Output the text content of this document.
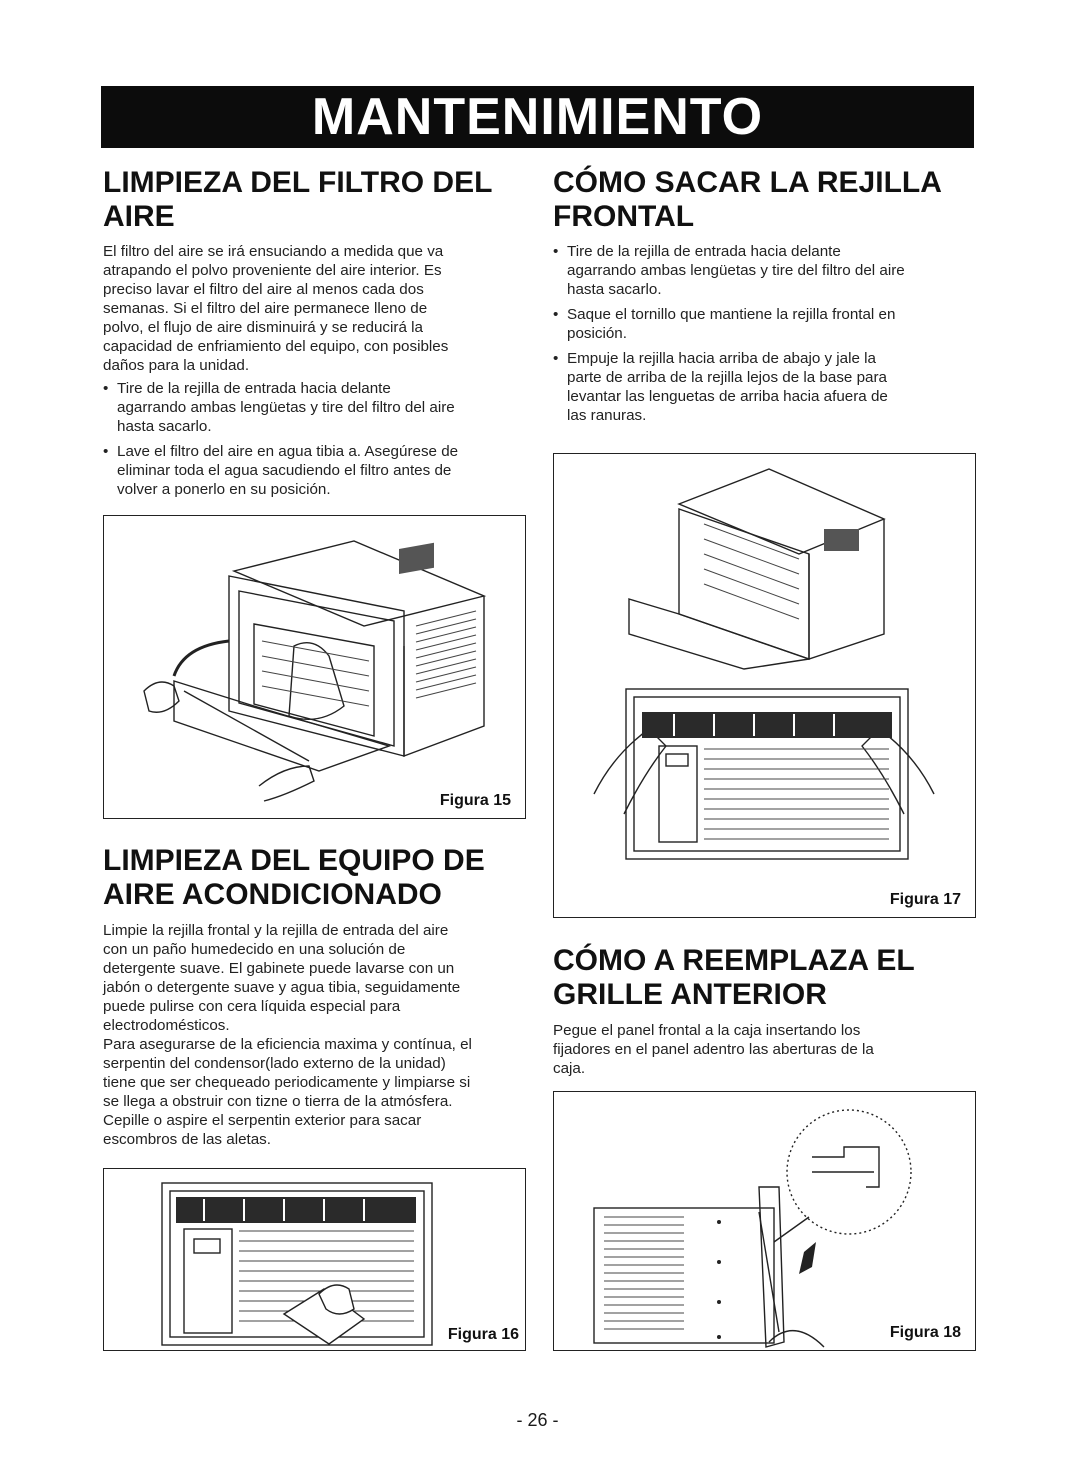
MANTENIMIENTO
LIMPIEZA DEL FILTRO DEL
AIRE

El filtro del aire se irá ensuciando a medida que va

atrapando el polvo proveniente del aire interior. Es

preciso lavar el filtro del aire al menos cada dos

semanas. Si el filtro del aire permanece lleno de

polvo, el flujo de aire disminuirá y se reducirá la

capacidad de enfriamiento del equipo, con posibles

daños para la unidad.

• Tire de la rejilla de entrada hacia delante
agarrando ambas lengüetas y tire del filtro del aire
hasta sacarlo.
• Lave el filtro del aire en agua tibia a. Asegúrese de
eliminar toda el agua sacudiendo el filtro antes de
volver a ponerlo en su posición.
Figura 15
LIMPIEZA DEL EQUIPO DE
AIRE ACONDICIONADO

Limpie la rejilla frontal y la rejilla de entrada del aire

con un paño humedecido en una solución de

detergente suave. El gabinete puede lavarse con un

jabón o detergente suave y agua tibia, seguidamente

puede pulirse con cera líquida especial para

electrodomésticos.

Para asegurarse de la eficiencia maxima y contínua, el

serpentin del condensor(lado externo de la unidad)

tiene que ser chequeado periodicamente y limpiarse si

se llega a obstruir con tizne o tierra de la atmósfera.

Cepille o aspire el serpentin exterior para sacar

escombros de las aletas.

Figura 16
CÓMO SACAR LA REJILLA
FRONTAL
• Tire de la rejilla de entrada hacia delante
agarrando ambas lengüetas y tire del filtro del aire
hasta sacarlo.
• Saque el tornillo que mantiene la rejilla frontal en
posición.
• Empuje la rejilla hacia arriba de abajo y jale la
parte de arriba de la rejilla lejos de la base para
levantar las lenguetas de arriba hacia afuera de
las ranuras.
Figura 17
CÓMO A REEMPLAZA EL
GRILLE ANTERIOR

Pegue el panel frontal a la caja insertando los

fijadores en el panel adentro las aberturas de la

caja.

Figura 18
- 26 -
